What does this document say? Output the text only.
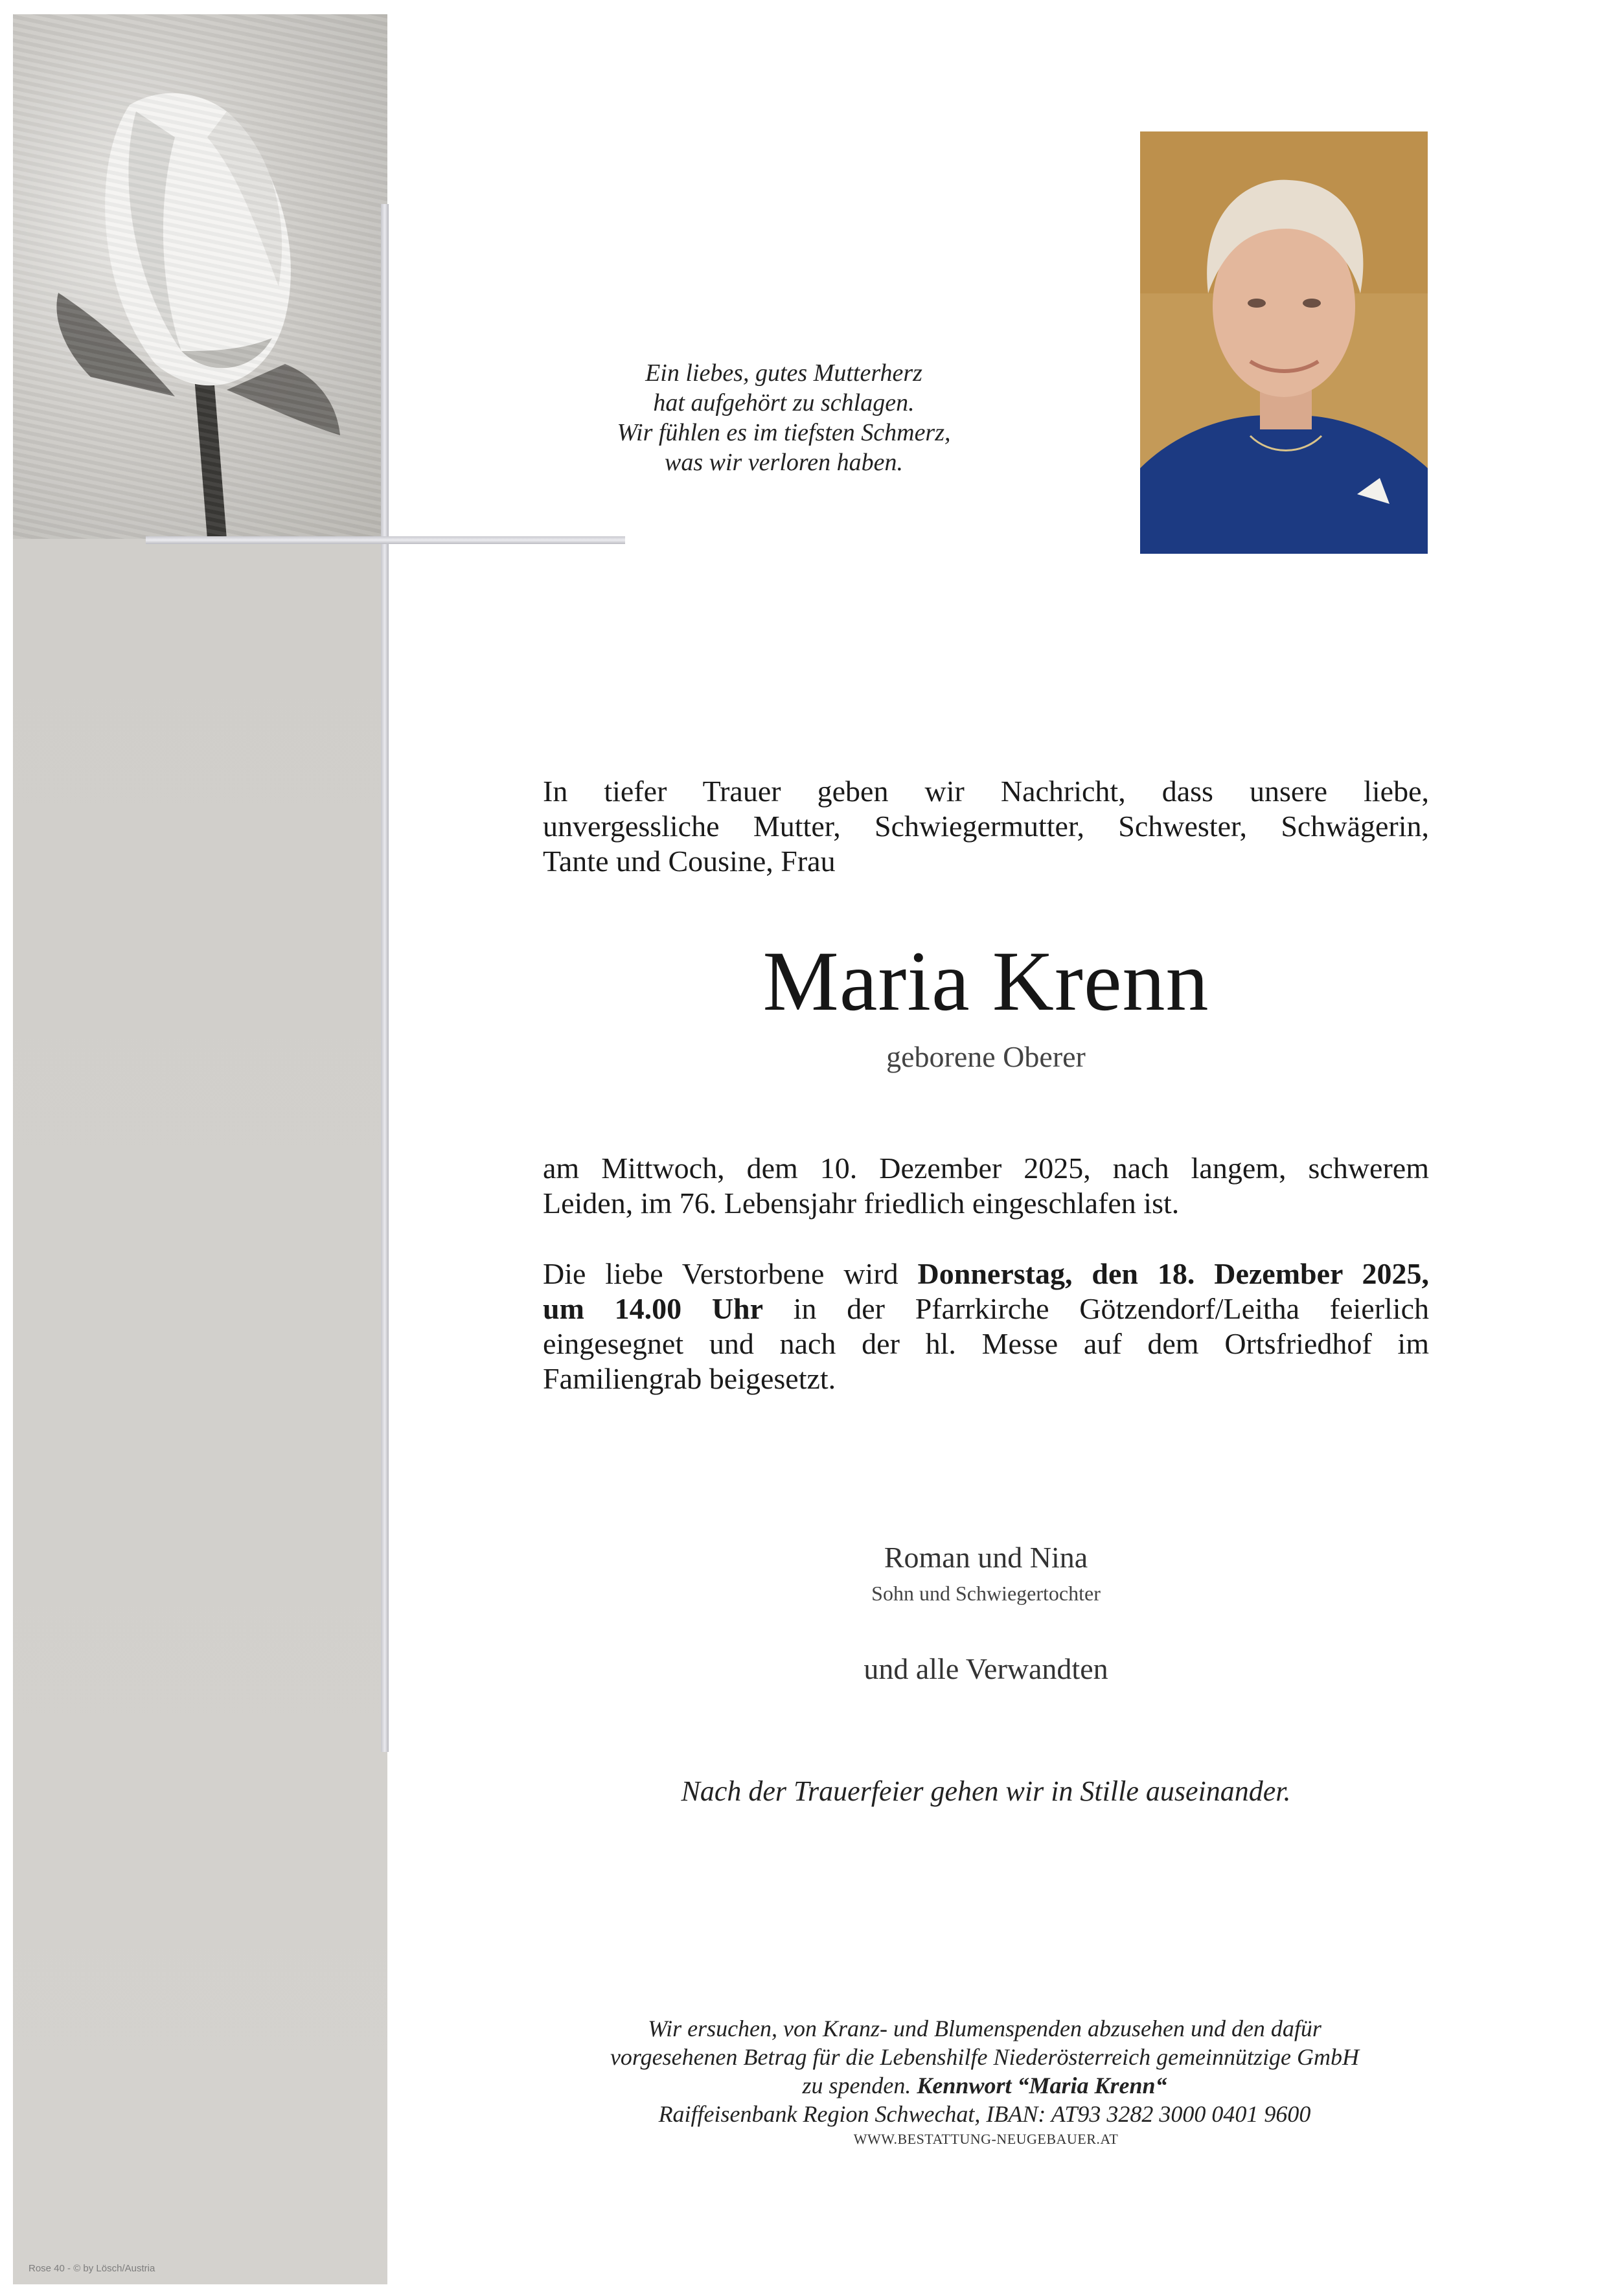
Rose 40 - © by Lösch/Austria
Ein liebes, gutes Mutterherz
hat aufgehört zu schlagen.
Wir fühlen es im tiefsten Schmerz,
was wir verloren haben.
In tiefer Trauer geben wir Nachricht, dass unsere liebe,
unvergessliche Mutter, Schwiegermutter, Schwester, Schwägerin,
Tante und Cousine, Frau
Maria Krenn
geborene Oberer
am Mittwoch, dem 10. Dezember 2025, nach langem, schwerem
Leiden, im 76. Lebensjahr friedlich eingeschlafen ist.
Die liebe Verstorbene wird Donnerstag, den 18. Dezember 2025,
um 14.00 Uhr in der Pfarrkirche Götzendorf/Leitha feierlich
eingesegnet und nach der hl. Messe auf dem Ortsfriedhof im
Familiengrab beigesetzt.
Roman und Nina
Sohn und Schwiegertochter
und alle Verwandten
Nach der Trauerfeier gehen wir in Stille auseinander.
Wir ersuchen, von Kranz- und Blumenspenden abzusehen und den dafür
vorgesehenen Betrag für die Lebenshilfe Niederösterreich gemeinnützige GmbH
zu spenden. Kennwort “Maria Krenn“
Raiffeisenbank Region Schwechat, IBAN: AT93 3282 3000 0401 9600
WWW.BESTATTUNG-NEUGEBAUER.AT
